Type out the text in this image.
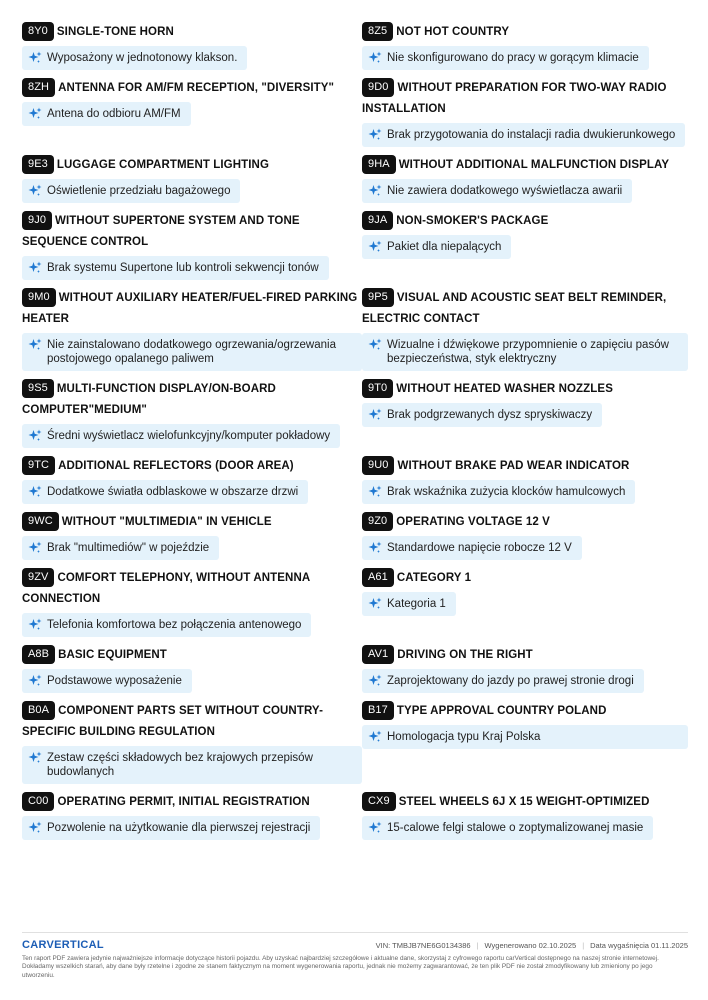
8Y0 SINGLE-TONE HORN
Wyposażony w jednotonowy klakson.
8Z5 NOT HOT COUNTRY
Nie skonfigurowano do pracy w gorącym klimacie
8ZH ANTENNA FOR AM/FM RECEPTION, "DIVERSITY"
Antena do odbioru AM/FM
9D0 WITHOUT PREPARATION FOR TWO-WAY RADIO INSTALLATION
Brak przygotowania do instalacji radia dwukierunkowego
9E3 LUGGAGE COMPARTMENT LIGHTING
Oświetlenie przedziału bagażowego
9HA WITHOUT ADDITIONAL MALFUNCTION DISPLAY
Nie zawiera dodatkowego wyświetlacza awarii
9J0 WITHOUT SUPERTONE SYSTEM AND TONE SEQUENCE CONTROL
Brak systemu Supertone lub kontroli sekwencji tonów
9JA NON-SMOKER'S PACKAGE
Pakiet dla niepalących
9M0 WITHOUT AUXILIARY HEATER/FUEL-FIRED PARKING HEATER
Nie zainstalowano dodatkowego ogrzewania/ogrzewania postojowego opalanego paliwem
9P5 VISUAL AND ACOUSTIC SEAT BELT REMINDER, ELECTRIC CONTACT
Wizualne i dźwiękowe przypomnienie o zapięciu pasów bezpieczeństwa, styk elektryczny
9S5 MULTI-FUNCTION DISPLAY/ON-BOARD COMPUTER"MEDIUM"
Średni wyświetlacz wielofunkcyjny/komputer pokładowy
9T0 WITHOUT HEATED WASHER NOZZLES
Brak podgrzewanych dysz spryskiwaczy
9TC ADDITIONAL REFLECTORS (DOOR AREA)
Dodatkowe światła odblaskowe w obszarze drzwi
9U0 WITHOUT BRAKE PAD WEAR INDICATOR
Brak wskaźnika zużycia klocków hamulcowych
9WC WITHOUT "MULTIMEDIA" IN VEHICLE
Brak "multimediów" w pojeździe
9Z0 OPERATING VOLTAGE 12 V
Standardowe napięcie robocze 12 V
9ZV COMFORT TELEPHONY, WITHOUT ANTENNA CONNECTION
Telefonia komfortowa bez połączenia antenowego
A61 CATEGORY 1
Kategoria 1
A8B BASIC EQUIPMENT
Podstawowe wyposażenie
AV1 DRIVING ON THE RIGHT
Zaprojektowany do jazdy po prawej stronie drogi
B0A COMPONENT PARTS SET WITHOUT COUNTRY-SPECIFIC BUILDING REGULATION
Zestaw części składowych bez krajowych przepisów budowlanych
B17 TYPE APPROVAL COUNTRY POLAND
Homologacja typu Kraj Polska
C00 OPERATING PERMIT, INITIAL REGISTRATION
Pozwolenie na użytkowanie dla pierwszej rejestracji
CX9 STEEL WHEELS 6J X 15 WEIGHT-OPTIMIZED
15-calowe felgi stalowe o zoptymalizowanej masie
CARVERTICAL	VIN: TMBJB7NE6G0134386 | Wygenerowano 02.10.2025 | Data wygaśnięcia 01.11.2025
Ten raport PDF zawiera jedynie najważniejsze informacje dotyczące historii pojazdu. Aby uzyskać najbardziej szczegółowe i aktualne dane, skorzystaj z cyfrowego raportu carVertical dostępnego na naszej stronie internetowej. Dokładamy wszelkich starań, aby dane były rzetelne i zgodne ze stanem faktycznym na moment wygenerowania raportu, jednak nie możemy zagwarantować, że ten plik PDF nie został zmodyfikowany lub zmieniony po jego utworzeniu.
